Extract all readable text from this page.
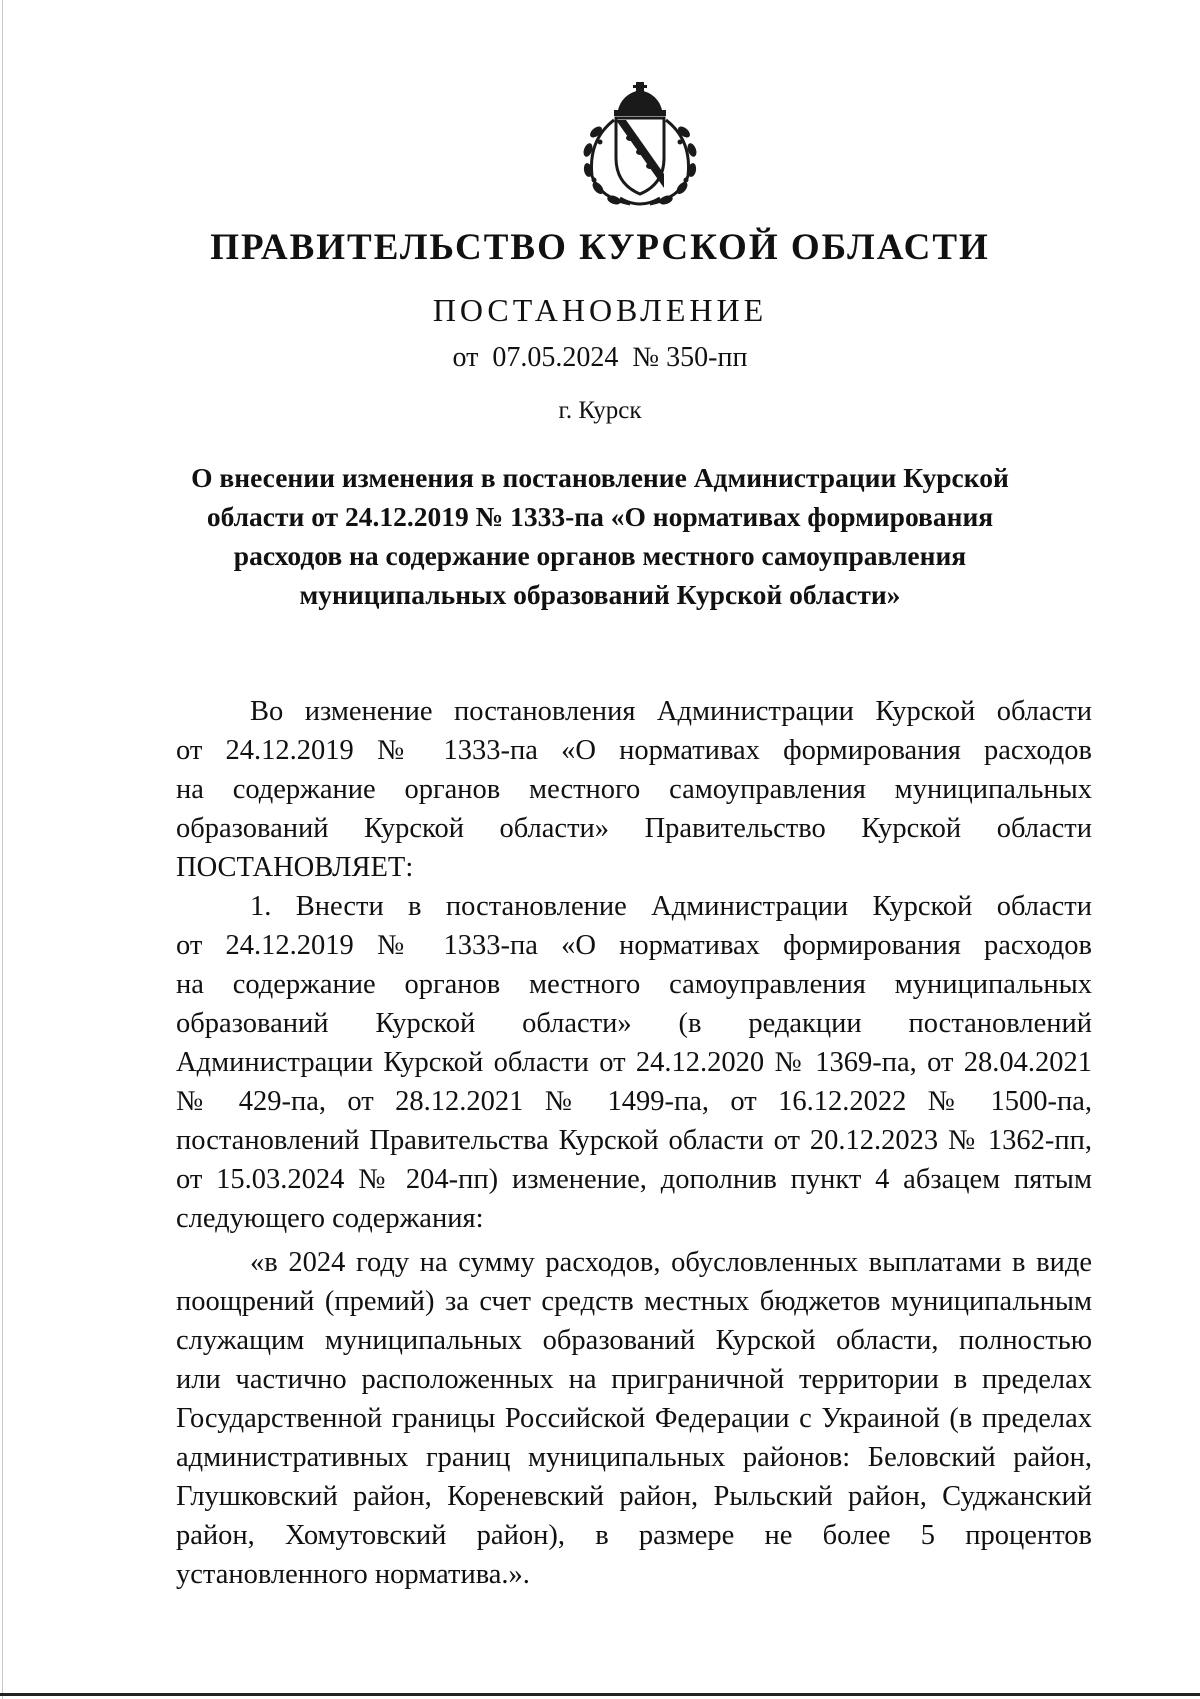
ПРАВИТЕЛЬСТВО КУРСКОЙ ОБЛАСТИ
ПОСТАНОВЛЕНИЕ
от 07.05.2024 № 350-пп
г. Курск
О внесении изменения в постановление Администрации Курской
области от 24.12.2019 № 1333-па «О нормативах формирования
расходов на содержание органов местного самоуправления
муниципальных образований Курской области»
Во изменение постановления Администрации Курской области
от 24.12.2019 № 1333-па «О нормативах формирования расходов
на содержание органов местного самоуправления муниципальных
образований Курской области» Правительство Курской области
ПОСТАНОВЛЯЕТ:
1. Внести в постановление Администрации Курской области
от 24.12.2019 № 1333-па «О нормативах формирования расходов
на содержание органов местного самоуправления муниципальных
образований Курской области» (в редакции постановлений
Администрации Курской области от 24.12.2020 № 1369-па, от 28.04.2021
№ 429-па, от 28.12.2021 № 1499-па, от 16.12.2022 № 1500-па,
постановлений Правительства Курской области от 20.12.2023 № 1362-пп,
от 15.03.2024 № 204-пп) изменение, дополнив пункт 4 абзацем пятым
следующего содержания:
«в 2024 году на сумму расходов, обусловленных выплатами в виде
поощрений (премий) за счет средств местных бюджетов муниципальным
служащим муниципальных образований Курской области, полностью
или частично расположенных на приграничной территории в пределах
Государственной границы Российской Федерации с Украиной (в пределах
административных границ муниципальных районов: Беловский район,
Глушковский район, Кореневский район, Рыльский район, Суджанский
район, Хомутовский район), в размере не более 5 процентов
установленного норматива.».
